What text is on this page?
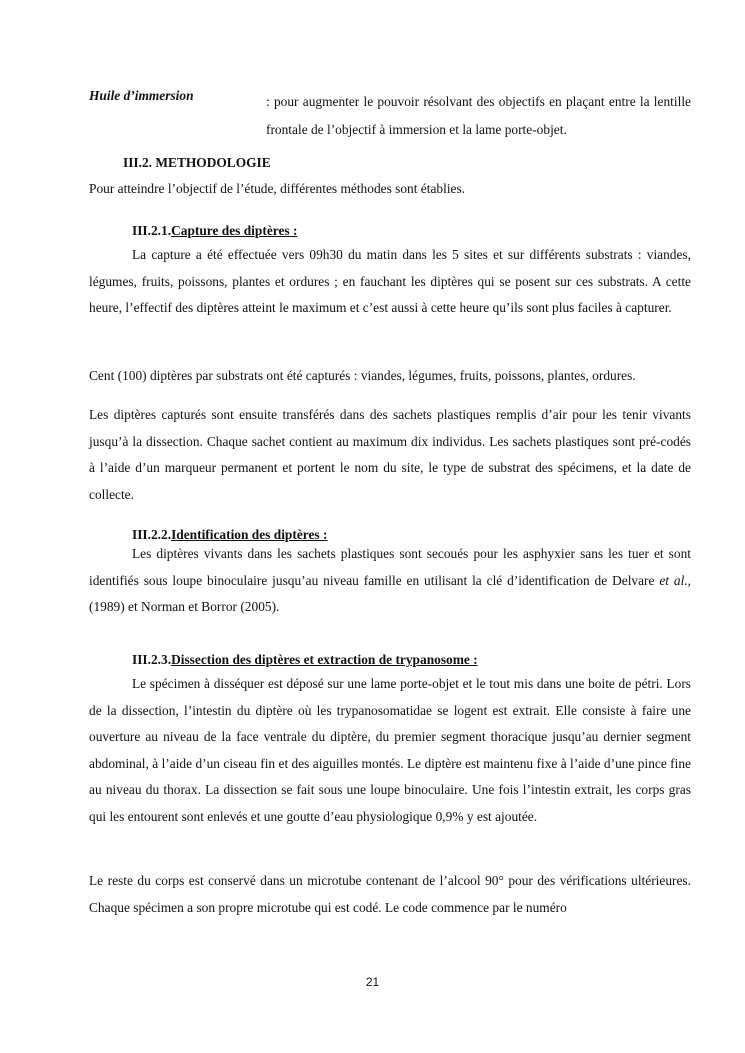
Huile d’immersion	: pour augmenter le pouvoir résolvant des objectifs en plaçant entre la lentille frontale de l’objectif à immersion et la lame porte-objet.
III.2. METHODOLOGIE
Pour atteindre l’objectif de l’étude, différentes méthodes sont établies.
III.2.1.Capture des diptères :

La capture a été effectuée vers 09h30 du matin dans les 5 sites et sur différents substrats : viandes, légumes, fruits, poissons, plantes et ordures ; en fauchant les diptères qui se posent sur ces substrats. A cette heure, l’effectif des diptères atteint le maximum et c’est aussi à cette heure qu’ils sont plus faciles à capturer.

Cent (100) diptères par substrats ont été capturés : viandes, légumes, fruits, poissons, plantes, ordures.

Les diptères capturés sont ensuite transférés dans des sachets plastiques remplis d’air pour les tenir vivants jusqu’à la dissection. Chaque sachet contient au maximum dix individus. Les sachets plastiques sont pré-codés à l’aide d’un marqueur permanent et portent le nom du site, le type de substrat des spécimens, et la date de collecte.

III.2.2.Identification des diptères :

Les diptères vivants dans les sachets plastiques sont secoués pour les asphyxier sans les tuer et sont identifiés sous loupe binoculaire jusqu’au niveau famille en utilisant la clé d’identification de Delvare et al., (1989) et Norman et Borror (2005).

III.2.3.Dissection des diptères et extraction de trypanosome :

Le spécimen à disséquer est déposé sur une lame porte-objet et le tout mis dans une boite de pétri. Lors de la dissection, l’intestin du diptère où les trypanosomatidae se logent est extrait. Elle consiste à faire une ouverture au niveau de la face ventrale du diptère, du premier segment thoracique jusqu’au dernier segment abdominal, à l’aide d’un ciseau fin et des aiguilles montés. Le diptère est maintenu fixe à l’aide d’une pince fine au niveau du thorax. La dissection se fait sous une loupe binoculaire. Une fois l’intestin extrait, les corps gras qui les entourent sont enlevés et une goutte d’eau physiologique 0,9% y est ajoutée.

Le reste du corps est conservé dans un microtube contenant de l’alcool 90° pour des vérifications ultérieures. Chaque spécimen a son propre microtube qui est codé. Le code commence par le numéro

21
